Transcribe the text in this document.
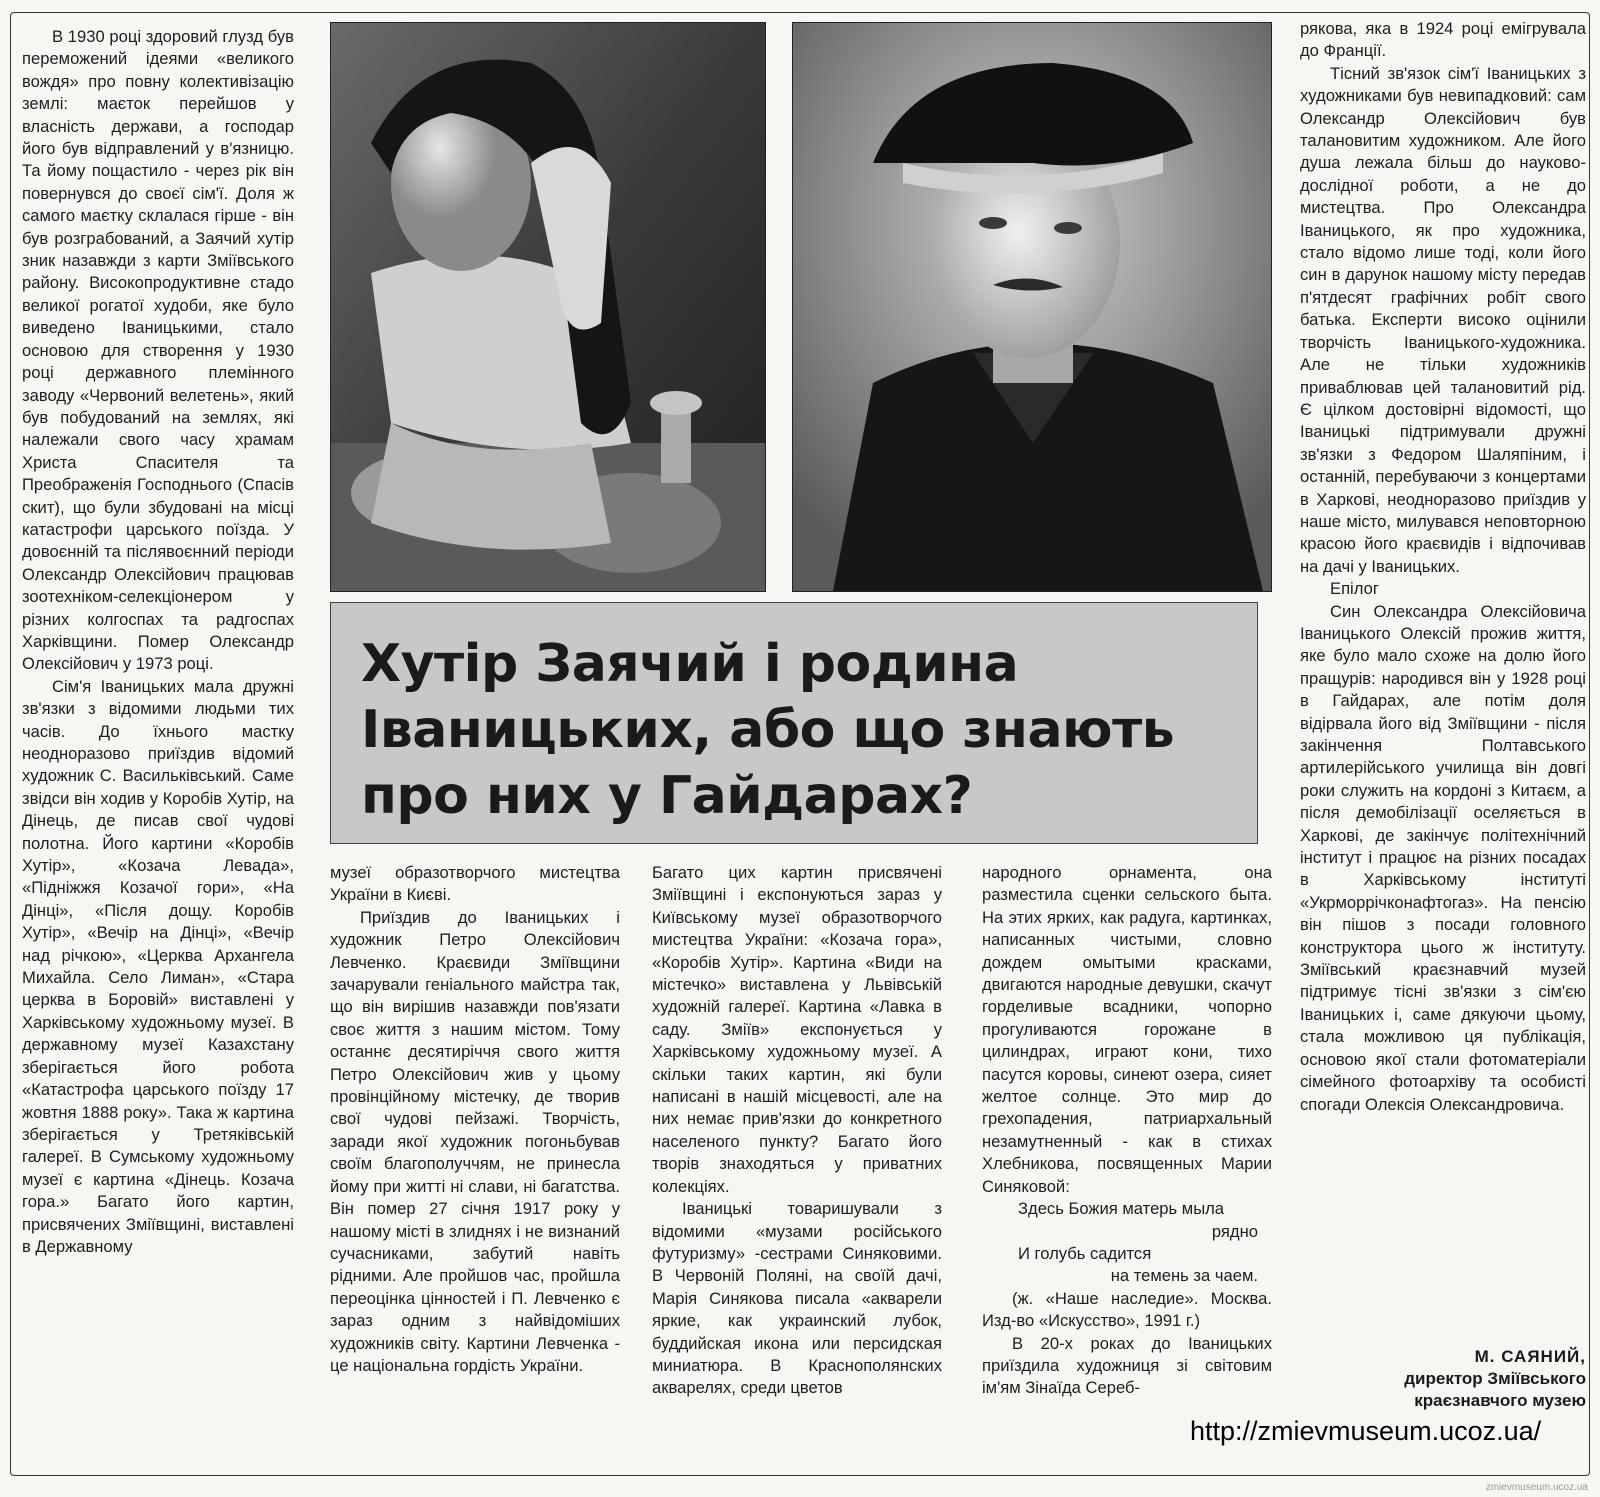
В 1930 році здоровий глузд був переможений ідеями «великого вождя» про повну колективізацію землі: маєток перейшов у власність держави, а господар його був відправлений у в'язницю. Та йому пощастило - через рік він повернувся до своєї сім'ї. Доля ж самого маєтку склалася гірше - він був розграбований, а Заячий хутір зник назавжди з карти Зміївського району. Високопродуктивне стадо великої рогатої худоби, яке було виведено Іваницькими, стало основою для створення у 1930 році державного племінного заводу «Червоний велетень», який був побудований на землях, які належали свого часу храмам Христа Спасителя та Преображенія Господнього (Спасів скит), що були збудовані на місці катастрофи царського поїзда. У довоєнній та післявоєнний періоди Олександр Олексійович працював зоотехніком-селекціонером у різних колгоспах та радгоспах Харківщини. Помер Олександр Олексійович у 1973 році.

Сім'я Іваницьких мала дружні зв'язки з відомими людьми тих часів. До їхнього мастку неодноразово приїздив відомий художник С. Васильківський. Саме звідси він ходив у Коробів Хутір, на Дінець, де писав свої чудові полотна. Його картини «Коробів Хутір», «Козача Левада», «Підніжжя Козачої гори», «На Дінці», «Після дощу. Коробів Хутір», «Вечір на Дінці», «Вечір над річкою», «Церква Архангела Михайла. Село Лиман», «Стара церква в Боровій» виставлені у Харківському художньому музеї. В державному музеї Казахстану зберігається його робота «Катастрофа царського поїзду 17 жовтня 1888 року». Така ж картина зберігається у Третяківській галереї. В Сумському художньому музеї є картина «Дінець. Козача гора.» Багато його картин, присвячених Зміївщині, виставлені в Державному

Хутір Заячий і родина
Іваницьких, або що знають
про них у Гайдарах?

музеї образотворчого мистецтва України в Києві.

Приїздив до Іваницьких і художник Петро Олексійович Левченко. Краєвиди Зміївщини зачарували геніального майстра так, що він вирішив назавжди пов'язати своє життя з нашим містом. Тому останнє десятиріччя свого життя Петро Олексійович жив у цьому провінційному містечку, де творив свої чудові пейзажі. Творчість, заради якої художник погоньбував своїм благополуччям, не принесла йому при житті ні слави, ні багатства. Він помер 27 січня 1917 року у нашому місті в злиднях і не визнаний сучасниками, забутий навіть рідними. Але пройшов час, пройшла переоцінка цінностей і П. Левченко є зараз одним з найвідоміших художників світу. Картини Левченка - це національна гордість України.

Багато цих картин присвячені Зміївщині і експонуються зараз у Київському музеї образотворчого мистецтва України: «Козача гора», «Коробів Хутір». Картина «Види на містечко» виставлена у Львівській художній галереї. Картина «Лавка в саду. Зміїв» експонується у Харківському художньому музеї. А скільки таких картин, які були написані в нашій місцевості, але на них немає прив'язки до конкретного населеного пункту? Багато його творів знаходяться у приватних колекціях.

Іваницькі товаришували з відомими «музами російського футуризму» -сестрами Синяковими. В Червоній Поляні, на своїй дачі, Марія Синякова писала «акварели яркие, как украинский лубок, буддийская икона или персидская миниатюра. В Краснополянских акварелях, среди цветов

народного орнамента, она разместила сценки сельского быта. На этих ярких, как радуга, картинках, написанных чистыми, словно дождем омытыми красками, двигаются народные девушки, скачут горделивые всадники, чопорно прогуливаются горожане в цилиндрах, играют кони, тихо пасутся коровы, синеют озера, сияет желтое солнце. Это мир до грехопадения, патриархальный незамутненный - как в стихах Хлебникова, посвященных Марии Синяковой:

Здесь Божия матерь мыла

рядно

И голубь садится

на темень за чаем.

(ж. «Наше наследие». Москва. Изд-во «Искусство», 1991 г.)

В 20-х роках до Іваницьких приїздила художниця зі світовим ім'ям Зінаїда Сереб-

рякова, яка в 1924 році емігрувала до Франції.

Тісний зв'язок сім'ї Іваницьких з художниками був невипадковий: сам Олександр Олексійович був талановитим художником. Але його душа лежала більш до науково-дослідної роботи, а не до мистецтва. Про Олександра Іваницького, як про художника, стало відомо лише тоді, коли його син в дарунок нашому місту передав п'ятдесят графічних робіт свого батька. Експерти високо оцінили творчість Іваницького-художника. Але не тільки художників приваблював цей талановитий рід. Є цілком достовірні відомості, що Іваницькі підтримували дружні зв'язки з Федором Шаляпіним, і останній, перебуваючи з концертами в Харкові, неодноразово приїздив у наше місто, милувався неповторною красою його краєвидів і відпочивав на дачі у Іваницьких.

Епілог

Син Олександра Олексійовича Іваницького Олексій прожив життя, яке було мало схоже на долю його пращурів: народився він у 1928 році в Гайдарах, але потім доля відірвала його від Зміївщини - після закінчення Полтавського артилерійського училища він довгі роки служить на кордоні з Китаєм, а після демобілізації оселяється в Харкові, де закінчує політехнічний інститут і працює на різних посадах в Харківському інституті «Укрморрічконафтогаз». На пенсію він пішов з посади головного конструктора цього ж інституту. Зміївський краєзнавчий музей підтримує тісні зв'язки з сім'єю Іваницьких і, саме дякуючи цьому, стала можливою ця публікація, основою якої стали фотоматеріали сімейного фотоархіву та особисті спогади Олексія Олександровича.

М. САЯНИЙ,
директор Зміївського
краєзнавчого музею
http://zmievmuseum.ucoz.ua/
zmievmuseum.ucoz.ua
